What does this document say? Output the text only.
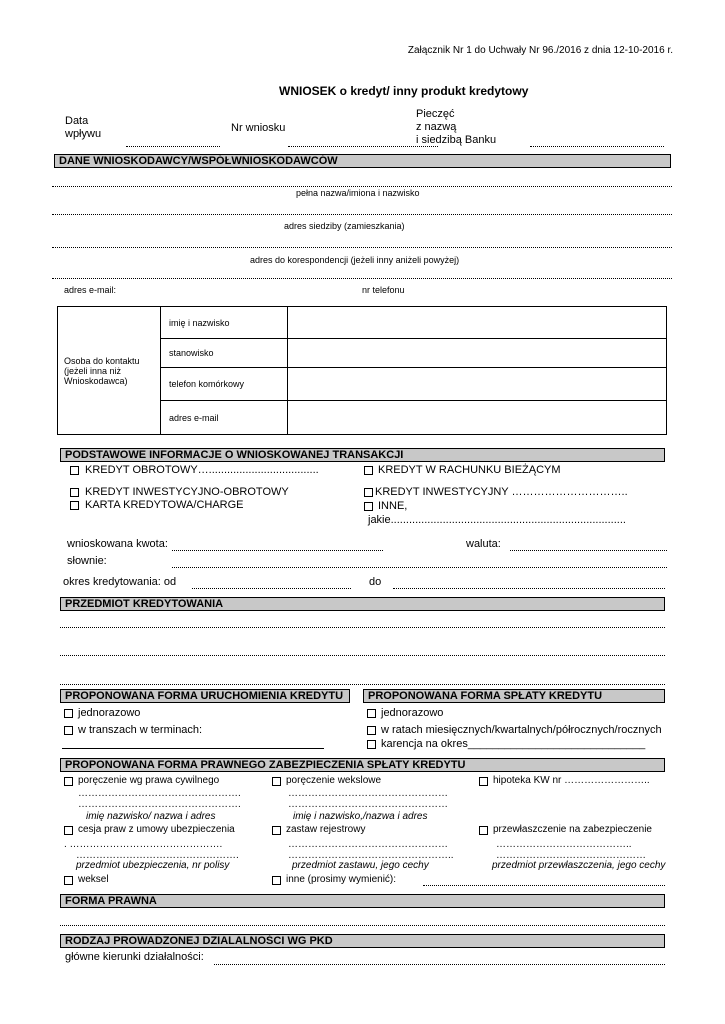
Załącznik Nr 1 do Uchwały Nr 96./2016 z dnia 12-10-2016 r.
WNIOSEK o kredyt/ inny produkt kredytowy
Data
wpływu	Nr wniosku
Pieczęć
z nazwą
i siedzibą Banku
DANE WNIOSKODAWCY/WSPÓŁWNIOSKODAWCÓW
pełna nazwa/imiona i nazwisko
adres siedziby (zamieszkania)
adres do korespondencji (jeżeli inny aniżeli powyżej)
adres e-mail:	nr telefonu
Osoba do kontaktu
(jeżeli inna niż
Wnioskodawca)	imię i nazwisko	
	stanowisko	
	telefon komórkowy	
	adres e-mail	
PODSTAWOWE INFORMACJE O WNIOSKOWANEJ TRANSAKCJI
KREDYT OBROTOWY…....................................	KREDYT W RACHUNKU BIEŻĄCYM
KREDYT INWESTYCYJNO-OBROTOWY	KREDYT INWESTYCYJNY …………………………..
KARTA KREDYTOWA/CHARGE	INNE,
jakie.............................................................................
wnioskowana kwota:	waluta:
słownie:
okres kredytowania: od	do
PRZEDMIOT KREDYTOWANIA
PROPONOWANA FORMA URUCHOMIENIA KREDYTU	PROPONOWANA FORMA SPŁATY KREDYTU
jednorazowo
w transzach w terminach:
jednorazowo
w ratach miesięcznych/kwartalnych/półrocznych/rocznych
karencja na okres_____________________________
PROPONOWANA FORMA PRAWNEGO ZABEZPIECZENIA SPŁATY KREDYTU
poręczenie wg prawa cywilnego	poręczenie wekslowe	hipoteka KW nr ……………………..
………………………………………….	…………………………………………
………………………………………….	…………………………………………
imię nazwisko/ nazwa i adres	imię i nazwisko,/nazwa i adres
cesja praw z umowy ubezpieczenia	zastaw rejestrowy	przewłaszczenie na zabezpieczenie
. ……………………………………….	…………………………………………	…………………………………..
………………………………………….	…………………………………………..	………………………………………
przedmiot ubezpieczenia, nr polisy	przedmiot zastawu, jego cechy	przedmiot przewłaszczenia, jego cechy
weksel	inne (prosimy wymienić):
FORMA PRAWNA
RODZAJ PROWADZONEJ DZIALALNOŚCI WG PKD
główne kierunki działalności:
